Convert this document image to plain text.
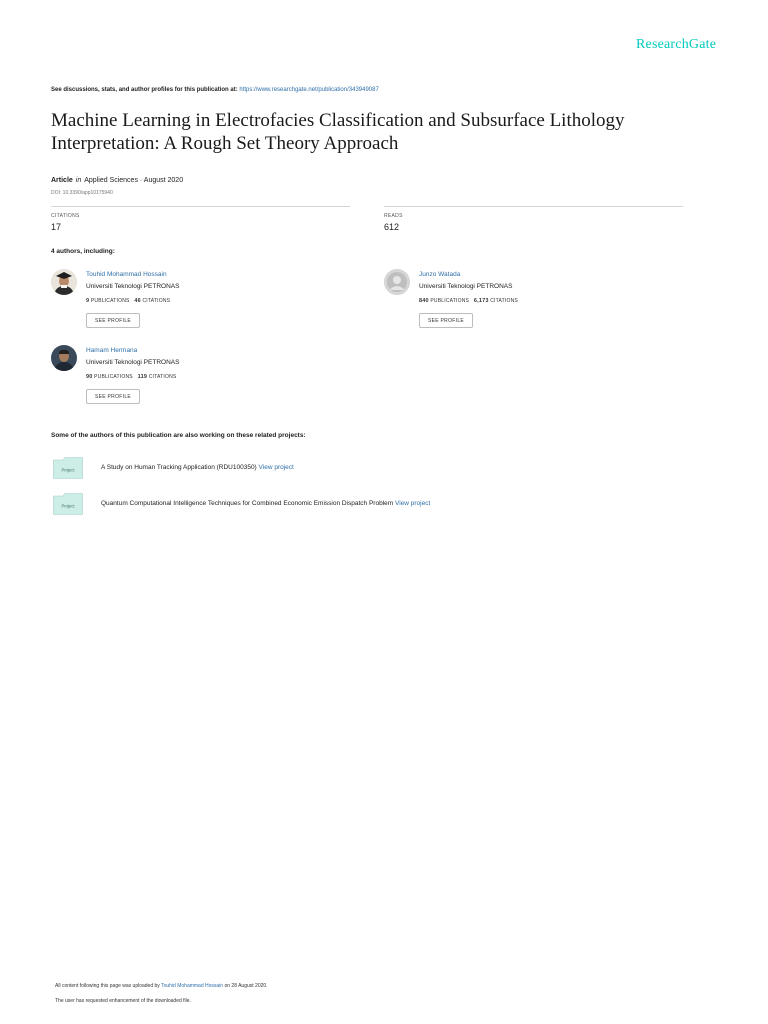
ResearchGate
See discussions, stats, and author profiles for this publication at: https://www.researchgate.net/publication/343949087
Machine Learning in Electrofacies Classification and Subsurface Lithology Interpretation: A Rough Set Theory Approach
Article in Applied Sciences · August 2020
DOI: 10.3390/app10175940
CITATIONS
17
READS
612
4 authors, including:
Touhid Mohammad Hossain
Universiti Teknologi PETRONAS
9 PUBLICATIONS 46 CITATIONS
SEE PROFILE
Junzo Watada
Universiti Teknologi PETRONAS
840 PUBLICATIONS 6,173 CITATIONS
SEE PROFILE
Hamam Hermana
Universiti Teknologi PETRONAS
90 PUBLICATIONS 119 CITATIONS
SEE PROFILE
Some of the authors of this publication are also working on these related projects:
Project	A Study on Human Tracking Application (RDU100350) View project
Project	Quantum Computational Intelligence Techniques for Combined Economic Emission Dispatch Problem View project
All content following this page was uploaded by Touhid Mohammad Hossain on 28 August 2020.
The user has requested enhancement of the downloaded file.
